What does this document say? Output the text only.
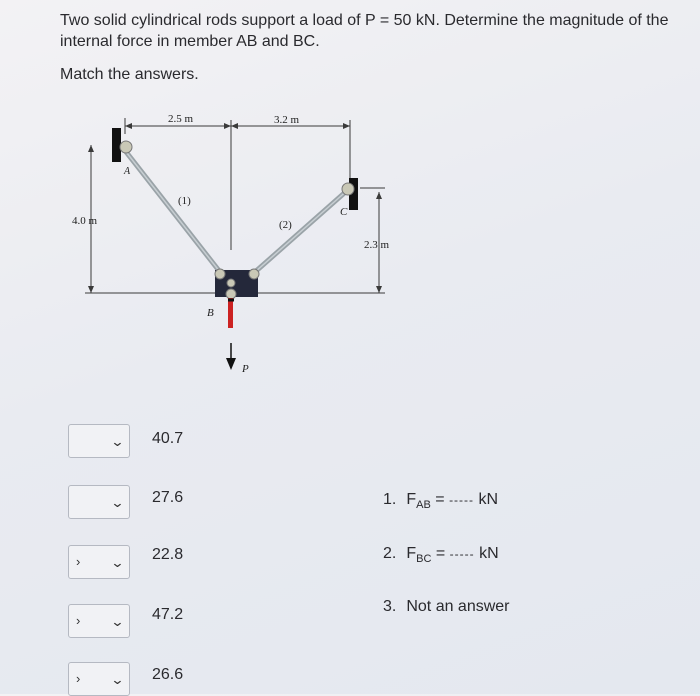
Two solid cylindrical rods support a load of P = 50 kN. Determine the magnitude of the internal force in member AB and BC.

Match the answers.

2.5 m	3.2 m
4.0 m
2.3 m
(1)
(2)
A
B
C
P
⌄ 40.7
⌄ 27.6
› ⌄ 22.8
› ⌄ 47.2
› ⌄ 26.6
1. $F_{AB}$ = ----- kN
2. $F_{BC}$ = ----- kN
3. Not an answer
